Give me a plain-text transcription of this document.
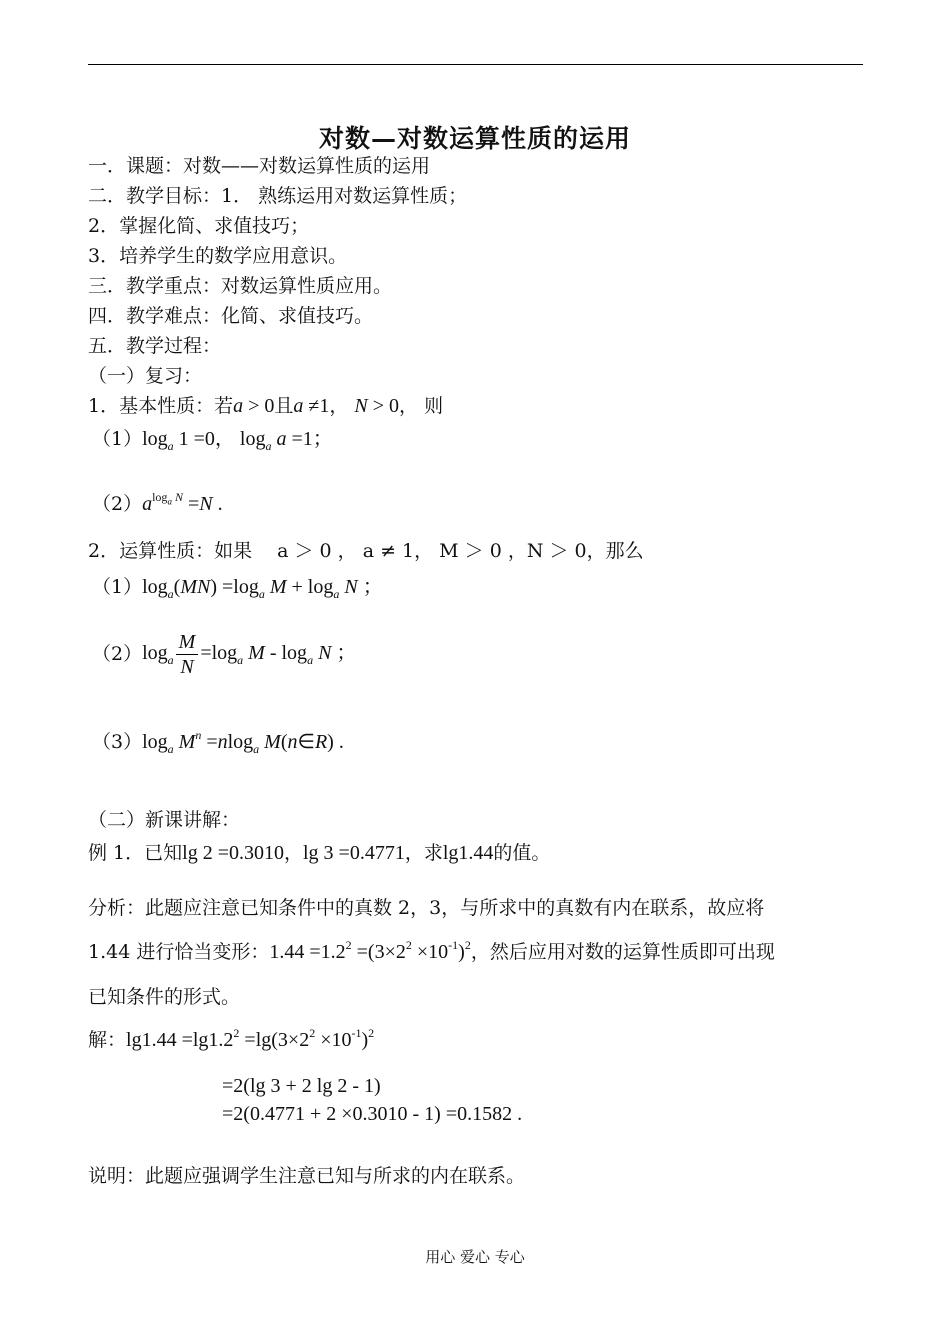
对数—对数运算性质的运用
一．课题：对数——对数运算性质的运用
二．教学目标：1． 熟练运用对数运算性质；
2．掌握化简、求值技巧；
3．培养学生的数学应用意识。
三．教学重点：对数运算性质应用。
四．教学难点：化简、求值技巧。
五．教学过程：
（一）复习：
1．基本性质：若a > 0且a ≠1， N > 0， 则
$(1)\log_a$ 1 =0， $\log_a a =1$；
$(2)a^{log_a N} =N$ .
2．运算性质：如果　 a ＞ 0 ， a ≠ 1， M ＞ 0 ，N ＞ 0，那么
$(1)\log_a(MN) =\log_a$ $M + \log_a N$ ；
$(2)\log_a \frac{M}{N} =\log_a$ M - $\log_a N$ ；
$(3)\log_a$ $M^n =nlog_a$ M(n∈R) .
（二）新课讲解：
例 1．已知lg 2 =0.3010，lg 3 =0.4771，求lg1.44的值。
分析：此题应注意已知条件中的真数 2，3，与所求中的真数有内在联系，故应将
1.44 进行恰当变形：$1.44 =1.2^2 =(3\times 2^2 \times 10^{-1})^2$，然后应用对数的运算性质即可出现
已知条件的形式。
解：$\lg 1.44 =\lg 1.2^2 =\lg(3\times 2^2 \times 10^{-1})^2$
=2(lg 3 + 2 lg 2 - 1)
=2(0.4771 + 2 ×0.3010 - 1) =0.1582 .
说明：此题应强调学生注意已知与所求的内在联系。
用心 爱心 专心
